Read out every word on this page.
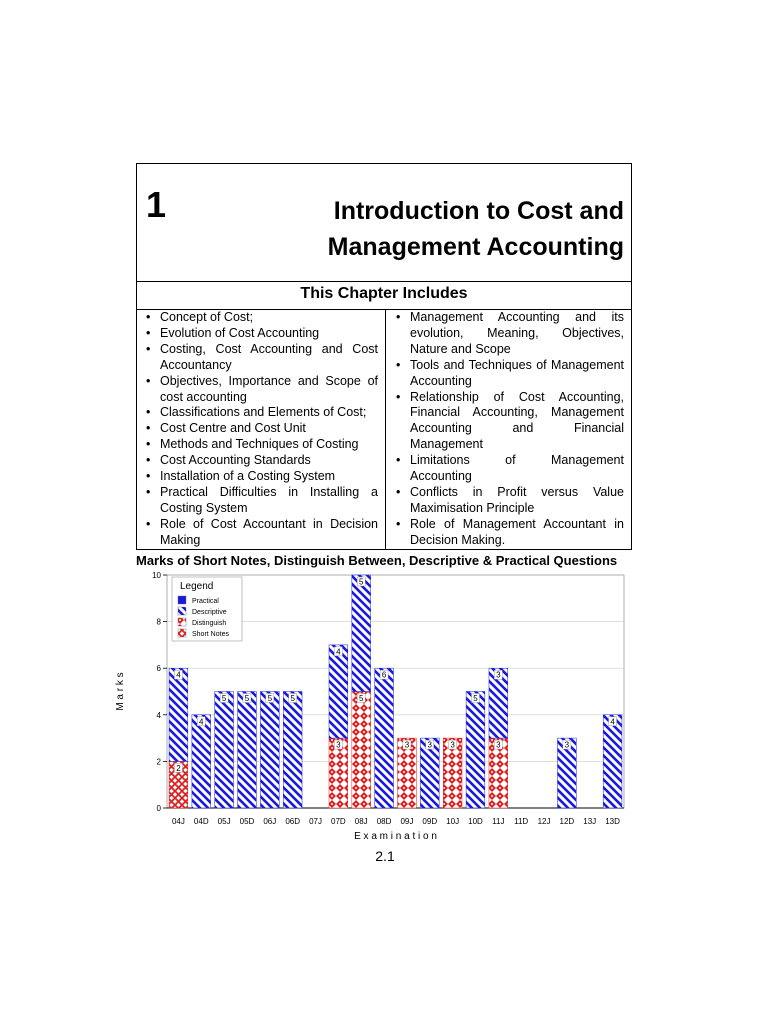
1	Introduction to Cost and
Management Accounting
This Chapter Includes
• Concept of Cost;
• Evolution of Cost Accounting
• Costing, Cost Accounting and Cost Accountancy
• Objectives, Importance and Scope of cost accounting
• Classifications and Elements of Cost;
• Cost Centre and Cost Unit
• Methods and Techniques of Costing
• Cost Accounting Standards
• Installation of a Costing System
• Practical Difficulties in Installing a Costing System
• Role of Cost Accountant in Decision Making
• Management Accounting and its evolution, Meaning, Objectives, Nature and Scope
• Tools and Techniques of Management Accounting
• Relationship of Cost Accounting, Financial Accounting, Management Accounting and Financial Management
• Limitations of Management Accounting
• Conflicts in Profit versus Value Maximisation Principle
• Role of Management Accountant in Decision Making.
Marks of Short Notes, Distinguish Between, Descriptive & Practical Questions
0
2
4
6
8
10
2
4
04J
4
04D
5
05J
5
05D
5
06J
5
06D 07J
3
4
07D
5
5
08J
6
08D
3
09J
3
09D
3
10J
5
10D
3
3
11J 11D 12J
3
12D 13J
4
13D
E x a m i n a t i o n
M a r k s
Legend
Practical
Descriptive
Distinguish
Short Notes
2.1
